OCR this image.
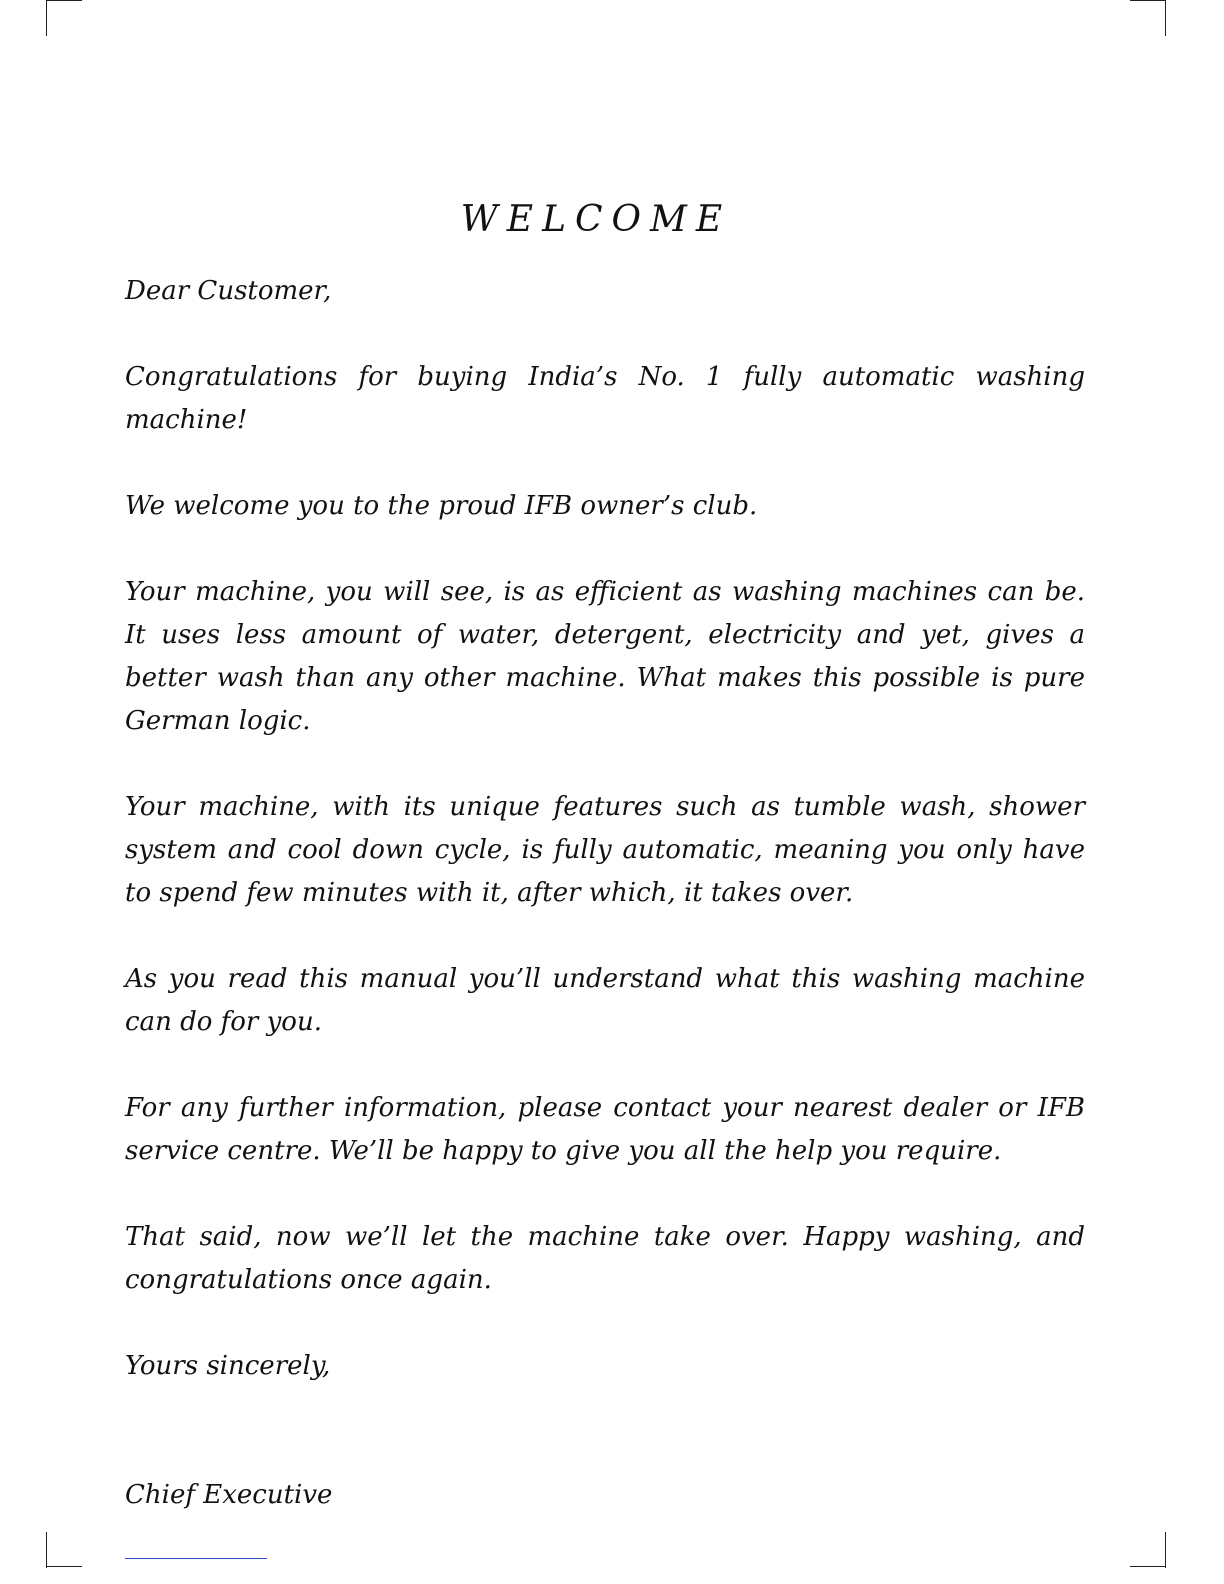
WELCOME

Dear Customer,

Congratulations for buying India’s No. 1 fully automatic washing machine!

We welcome you to the proud IFB owner’s club.

Your machine, you will see, is as efficient as washing machines can be. It uses less amount of water, detergent, electricity and yet, gives a better wash than any other machine. What makes this possible is pure German logic.

Your machine, with its unique features such as tumble wash, shower system and cool down cycle, is fully automatic, meaning you only have to spend few minutes with it, after which, it takes over.

As you read this manual you’ll understand what this washing machine can do for you.

For any further information, please contact your nearest dealer or IFB service centre. We’ll be happy to give you all the help you require.

That said, now we’ll let the machine take over. Happy washing, and congratulations once again.

Yours sincerely,

Chief Executive
